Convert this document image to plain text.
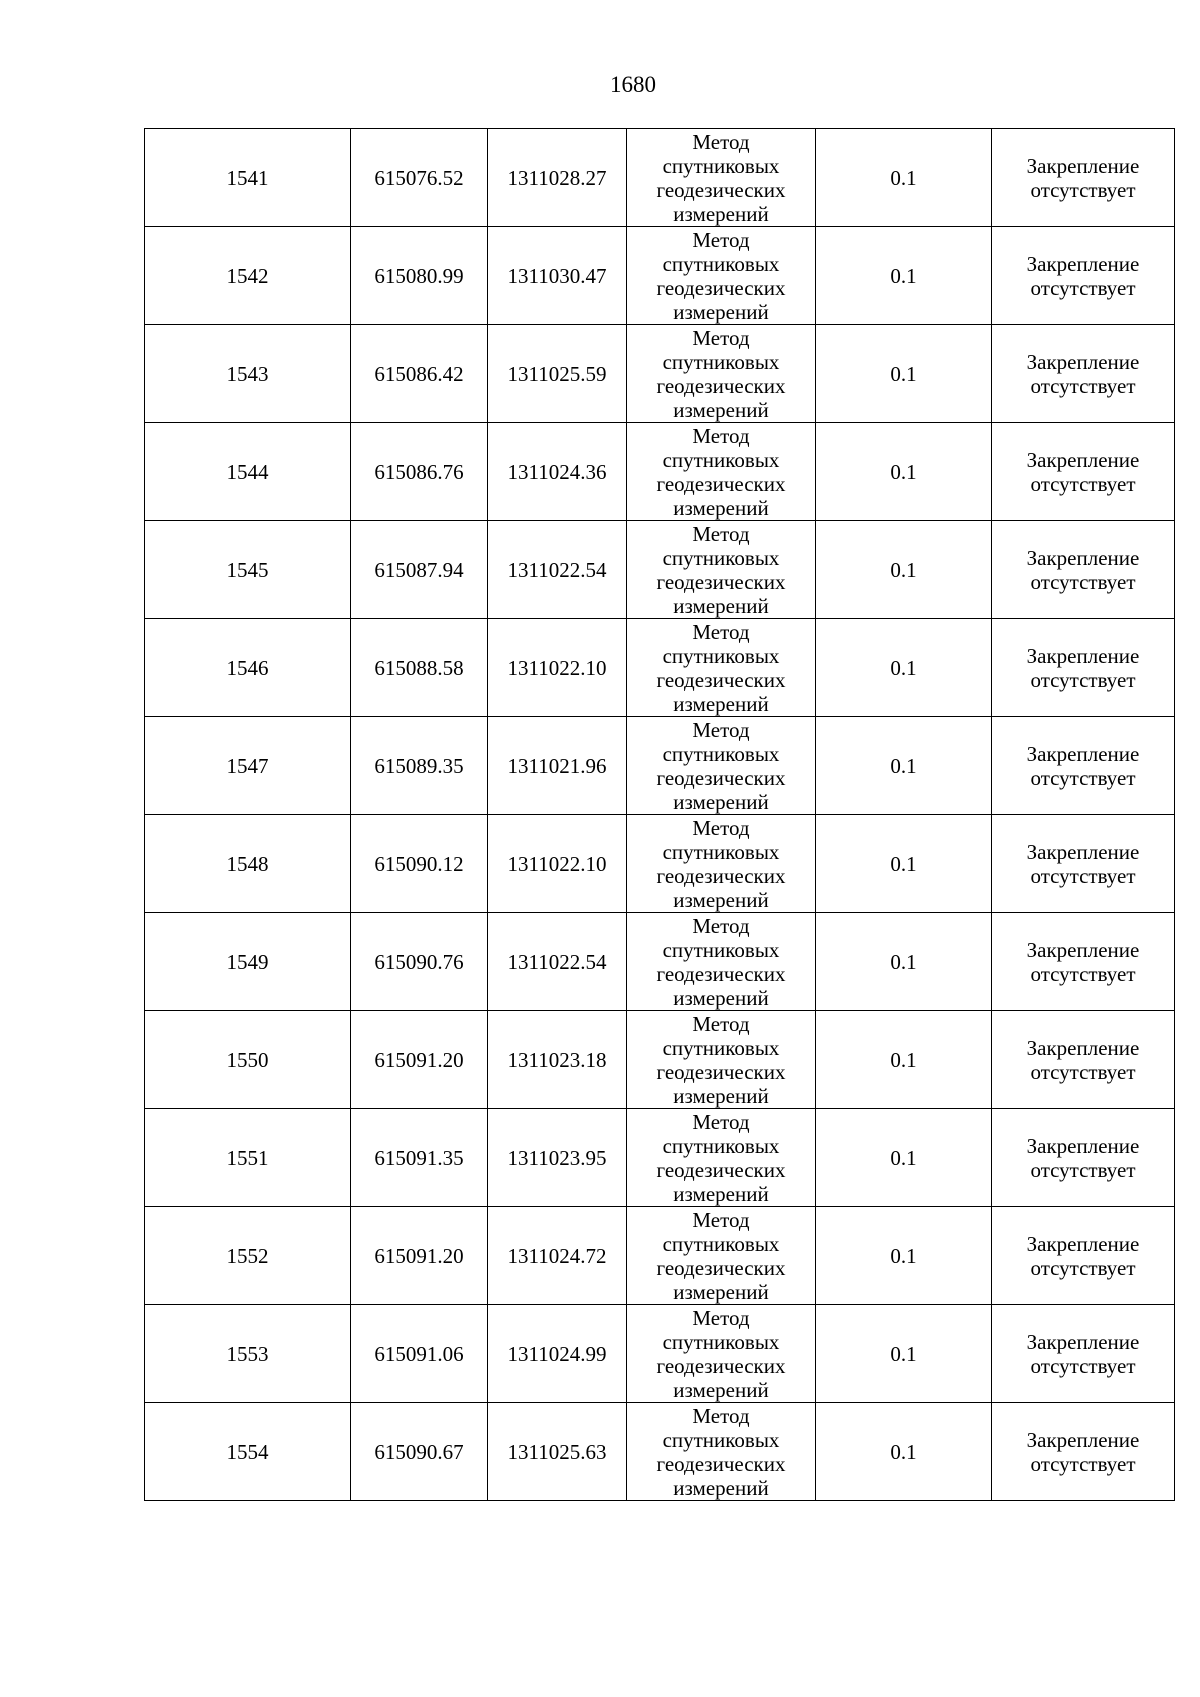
1680
1541	615076.52	1311028.27	Метод
спутниковых
геодезических
измерений	0.1	Закрепление
отсутствует

1542	615080.99	1311030.47	Метод
спутниковых
геодезических
измерений	0.1	Закрепление
отсутствует

1543	615086.42	1311025.59	Метод
спутниковых
геодезических
измерений	0.1	Закрепление
отсутствует

1544	615086.76	1311024.36	Метод
спутниковых
геодезических
измерений	0.1	Закрепление
отсутствует

1545	615087.94	1311022.54	Метод
спутниковых
геодезических
измерений	0.1	Закрепление
отсутствует

1546	615088.58	1311022.10	Метод
спутниковых
геодезических
измерений	0.1	Закрепление
отсутствует

1547	615089.35	1311021.96	Метод
спутниковых
геодезических
измерений	0.1	Закрепление
отсутствует

1548	615090.12	1311022.10	Метод
спутниковых
геодезических
измерений	0.1	Закрепление
отсутствует

1549	615090.76	1311022.54	Метод
спутниковых
геодезических
измерений	0.1	Закрепление
отсутствует

1550	615091.20	1311023.18	Метод
спутниковых
геодезических
измерений	0.1	Закрепление
отсутствует

1551	615091.35	1311023.95	Метод
спутниковых
геодезических
измерений	0.1	Закрепление
отсутствует

1552	615091.20	1311024.72	Метод
спутниковых
геодезических
измерений	0.1	Закрепление
отсутствует

1553	615091.06	1311024.99	Метод
спутниковых
геодезических
измерений	0.1	Закрепление
отсутствует

1554	615090.67	1311025.63	Метод
спутниковых
геодезических
измерений	0.1	Закрепление
отсутствует
